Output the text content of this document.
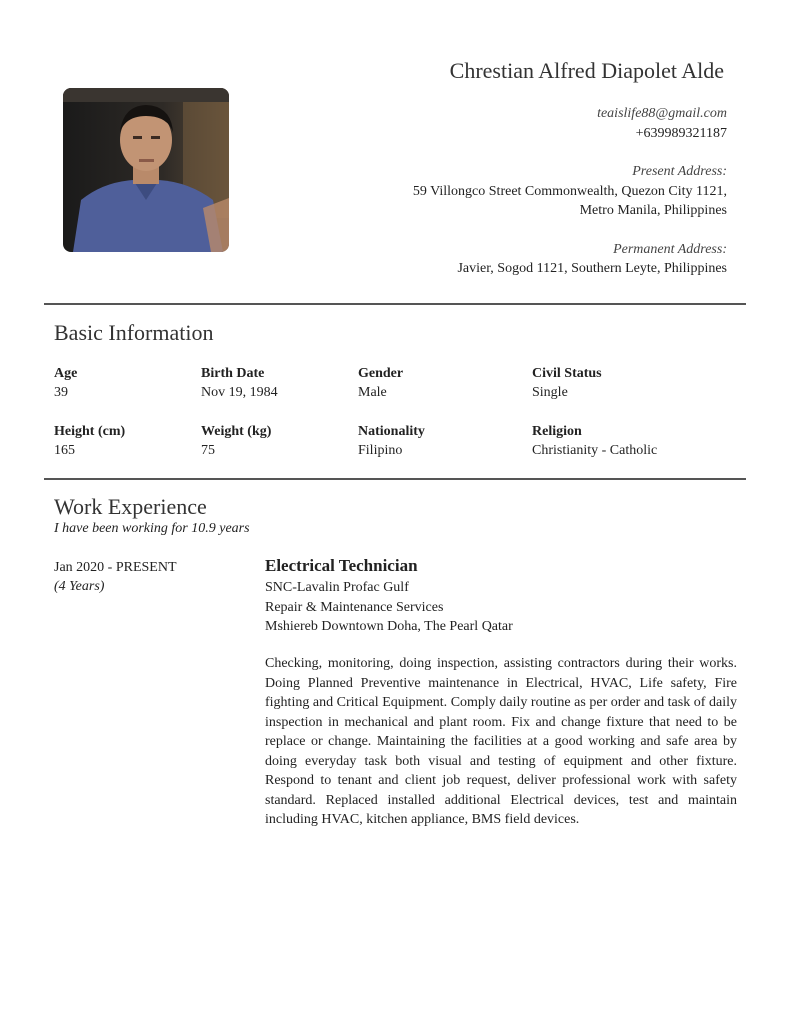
Chrestian Alfred Diapolet Alde
teaislife88@gmail.com
+639989321187
Present Address:
59 Villongco Street Commonwealth, Quezon City 1121,
Metro Manila, Philippines
Permanent Address:
Javier, Sogod 1121, Southern Leyte, Philippines
Basic Information
Age
39
Birth Date
Nov 19, 1984
Gender
Male
Civil Status
Single
Height (cm)
165
Weight (kg)
75
Nationality
Filipino
Religion
Christianity - Catholic
Work Experience
I have been working for 10.9 years
Jan 2020 - PRESENT
(4 Years)
Electrical Technician
SNC-Lavalin Profac Gulf
Repair & Maintenance Services
Mshiereb Downtown Doha, The Pearl Qatar
Checking, monitoring, doing inspection, assisting contractors during their works. Doing Planned Preventive maintenance in Electrical, HVAC, Life safety, Fire fighting and Critical Equipment. Comply daily routine as per order and task of daily inspection in mechanical and plant room. Fix and change fixture that need to be replace or change. Maintaining the facilities at a good working and safe area by doing everyday task both visual and testing of equipment and other fixture. Respond to tenant and client job request, deliver professional work with safety standard. Replaced installed additional Electrical devices, test and maintain including HVAC, kitchen appliance, BMS field devices.
